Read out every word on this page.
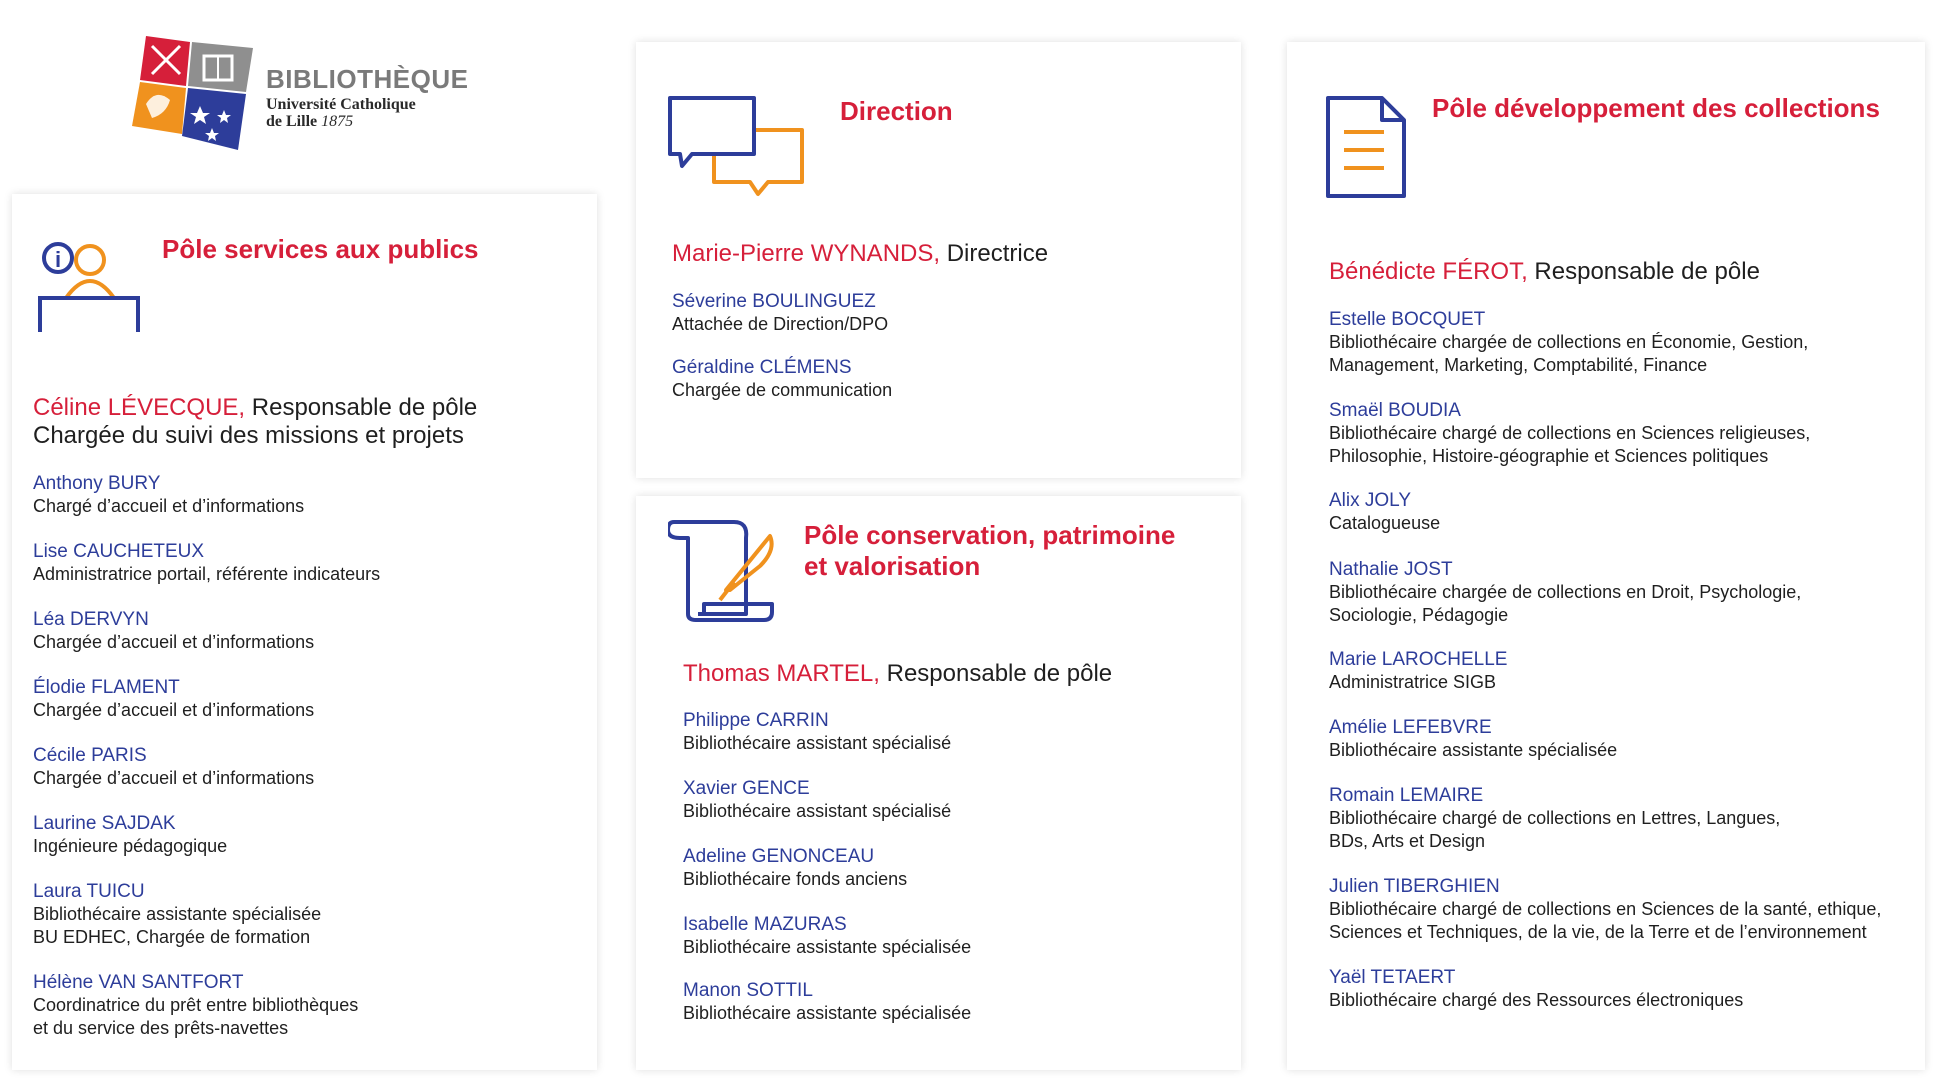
BIBLIOTHÈQUE
Université Catholique
de Lille 1875
i	Pôle services aux publics
Céline LÉVECQUE, Responsable de pôle
Chargée du suivi des missions et projets
Anthony BURY
Chargé d’accueil et d’informations
Lise CAUCHETEUX
Administratrice portail, référente indicateurs
Léa DERVYN
Chargée d’accueil et d’informations
Élodie FLAMENT
Chargée d’accueil et d’informations
Cécile PARIS
Chargée d’accueil et d’informations
Laurine SAJDAK
Ingénieure pédagogique
Laura TUICU
Bibliothécaire assistante spécialisée
BU EDHEC, Chargée de formation
Hélène VAN SANTFORT
Coordinatrice du prêt entre bibliothèques
et du service des prêts-navettes
Direction
Marie-Pierre WYNANDS, Directrice
Séverine BOULINGUEZ
Attachée de Direction/DPO
Géraldine CLÉMENS
Chargée de communication
Pôle conservation, patrimoine
et valorisation
Thomas MARTEL, Responsable de pôle
Philippe CARRIN
Bibliothécaire assistant spécialisé
Xavier GENCE
Bibliothécaire assistant spécialisé
Adeline GENONCEAU
Bibliothécaire fonds anciens
Isabelle MAZURAS
Bibliothécaire assistante spécialisée
Manon SOTTIL
Bibliothécaire assistante spécialisée
Pôle développement des collections
Bénédicte FÉROT, Responsable de pôle
Estelle BOCQUET
Bibliothécaire chargée de collections en Économie, Gestion,
Management, Marketing, Comptabilité, Finance
Smaël BOUDIA
Bibliothécaire chargé de collections en Sciences religieuses,
Philosophie, Histoire-géographie et Sciences politiques
Alix JOLY
Catalogueuse
Nathalie JOST
Bibliothécaire chargée de collections en Droit, Psychologie,
Sociologie, Pédagogie
Marie LAROCHELLE
Administratrice SIGB
Amélie LEFEBVRE
Bibliothécaire assistante spécialisée
Romain LEMAIRE
Bibliothécaire chargé de collections en Lettres, Langues,
BDs, Arts et Design
Julien TIBERGHIEN
Bibliothécaire chargé de collections en Sciences de la santé, ethique,
Sciences et Techniques, de la vie, de la Terre et de l’environnement
Yaël TETAERT
Bibliothécaire chargé des Ressources électroniques
